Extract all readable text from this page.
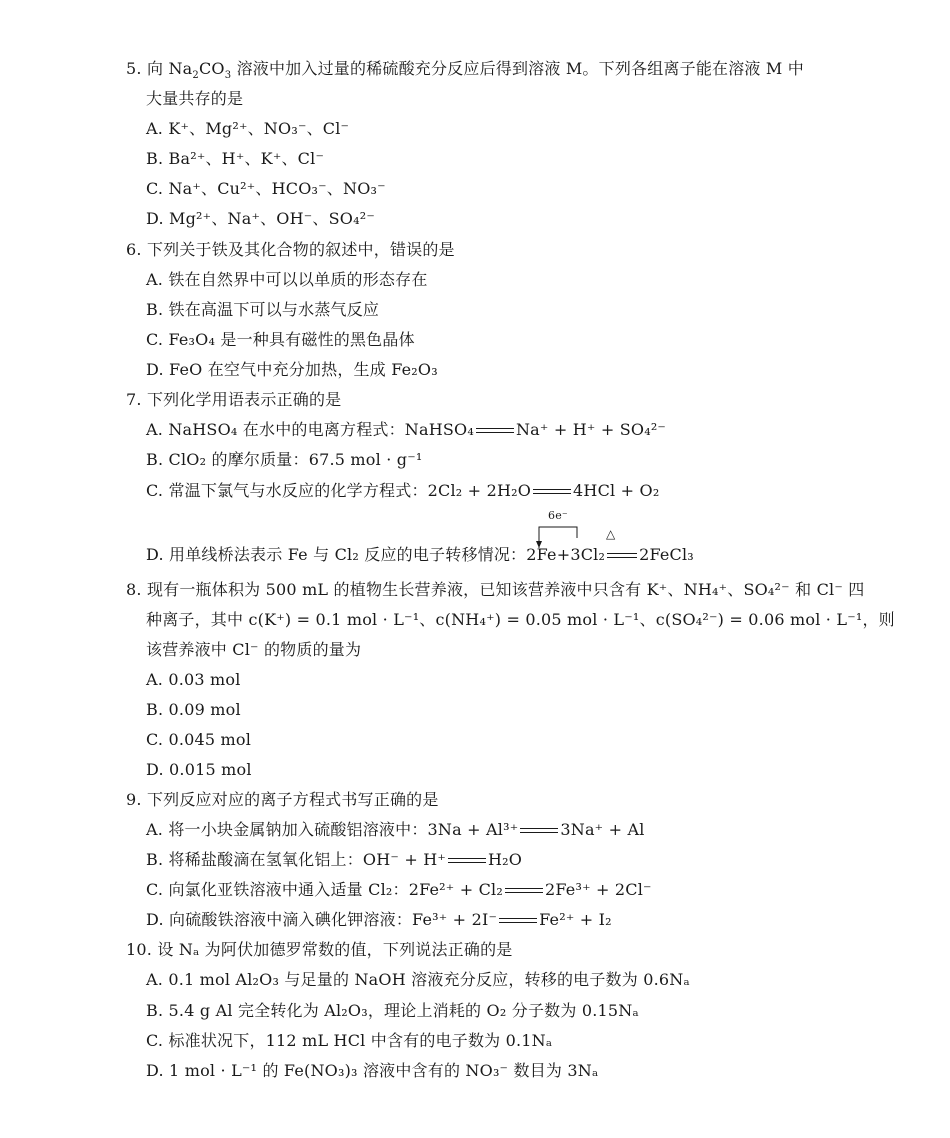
5. 向 $Na_2CO_3$ 溶液中加入过量的稀硫酸充分反应后得到溶液 M。下列各组离子能在溶液 M 中
大量共存的是
A. K⁺、Mg²⁺、NO₃⁻、Cl⁻
B. Ba²⁺、H⁺、K⁺、Cl⁻
C. Na⁺、Cu²⁺、HCO₃⁻、NO₃⁻
D. Mg²⁺、Na⁺、OH⁻、SO₄²⁻
6. 下列关于铁及其化合物的叙述中，错误的是
A. 铁在自然界中可以以单质的形态存在
B. 铁在高温下可以与水蒸气反应
C. Fe₃O₄ 是一种具有磁性的黑色晶体
D. FeO 在空气中充分加热，生成 Fe₂O₃
7. 下列化学用语表示正确的是
A. NaHSO₄ 在水中的电离方程式：NaHSO₄	Na⁺ + H⁺ + SO₄²⁻
B. ClO₂ 的摩尔质量：67.5 mol · g⁻¹
C. 常温下氯气与水反应的化学方程式：2Cl₂ + 2H₂O	4HCl + O₂
6e⁻
△
D. 用单线桥法表示 Fe 与 Cl₂ 反应的电子转移情况：2Fe+3Cl₂ 2FeCl₃
8. 现有一瓶体积为 500 mL 的植物生长营养液，已知该营养液中只含有 K⁺、NH₄⁺、SO₄²⁻ 和 Cl⁻ 四
种离子，其中 c(K⁺) = 0.1 mol · L⁻¹、c(NH₄⁺) = 0.05 mol · L⁻¹、c(SO₄²⁻) = 0.06 mol · L⁻¹，则
该营养液中 Cl⁻ 的物质的量为
A. 0.03 mol
B. 0.09 mol
C. 0.045 mol
D. 0.015 mol
9. 下列反应对应的离子方程式书写正确的是
A. 将一小块金属钠加入硫酸铝溶液中：3Na + Al³⁺	3Na⁺ + Al
B. 将稀盐酸滴在氢氧化铝上：OH⁻ + H⁺	H₂O
C. 向氯化亚铁溶液中通入适量 Cl₂：2Fe²⁺ + Cl₂	2Fe³⁺ + 2Cl⁻
D. 向硫酸铁溶液中滴入碘化钾溶液：Fe³⁺ + 2I⁻	Fe²⁺ + I₂
10. 设 Nₐ 为阿伏加德罗常数的值，下列说法正确的是
A. 0.1 mol Al₂O₃ 与足量的 NaOH 溶液充分反应，转移的电子数为 0.6Nₐ
B. 5.4 g Al 完全转化为 Al₂O₃，理论上消耗的 O₂ 分子数为 0.15Nₐ
C. 标准状况下，112 mL HCl 中含有的电子数为 0.1Nₐ
D. 1 mol · L⁻¹ 的 Fe(NO₃)₃ 溶液中含有的 NO₃⁻ 数目为 3Nₐ
